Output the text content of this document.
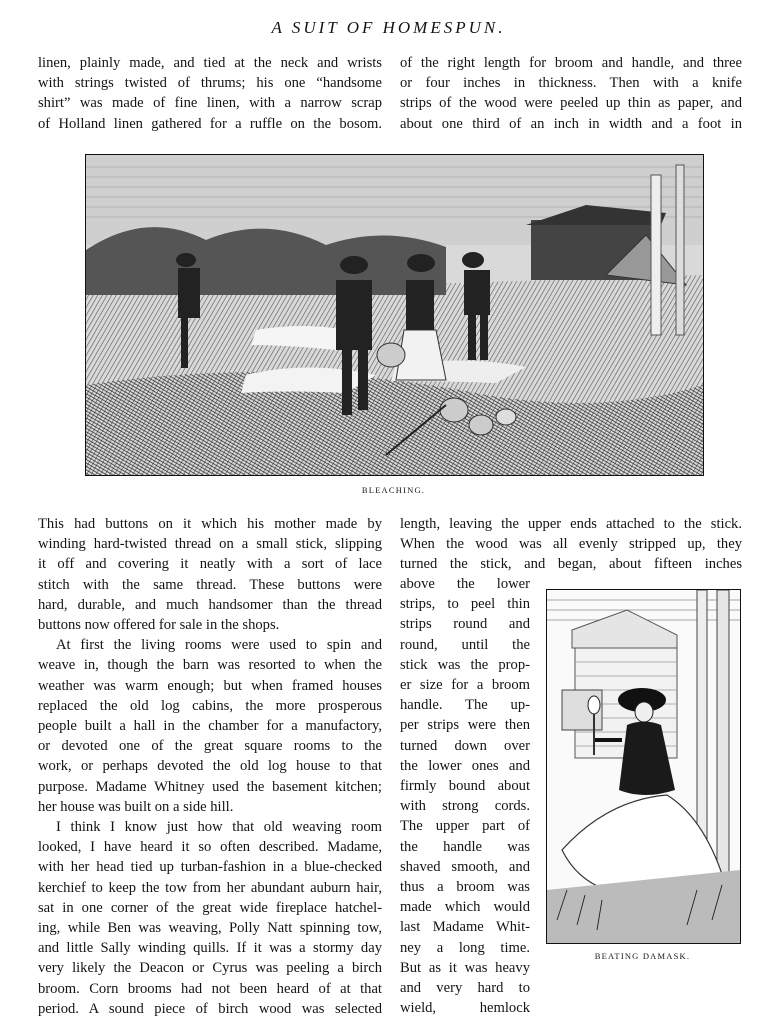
A SUIT OF HOMESPUN.

linen, plainly made, and tied at the neck and wrists

with strings twisted of thrums; his one “handsome

shirt” was made of fine linen, with a narrow scrap

of Holland linen gathered for a ruffle on the bosom.

of the right length for broom and handle, and three

or four inches in thickness. Then with a knife

strips of the wood were peeled up thin as paper, and

about one third of an inch in width and a foot in

BLEACHING.

This had buttons on it which his mother made by

winding hard-twisted thread on a small stick, slipping

it off and covering it neatly with a sort of lace

stitch with the same thread. These buttons were

hard, durable, and much handsomer than the thread

buttons now offered for sale in the shops.

At first the living rooms were used to spin and

weave in, though the barn was resorted to when the

weather was warm enough; but when framed houses

replaced the old log cabins, the more prosperous

people built a hall in the chamber for a manufactory,

or devoted one of the great square rooms to the

work, or perhaps devoted the old log house to that

purpose. Madame Whitney used the basement kitchen;

her house was built on a side hill.

I think I know just how that old weaving room

looked, I have heard it so often described. Madame,

with her head tied up turban-fashion in a blue-checked

kerchief to keep the tow from her abundant auburn hair,

sat in one corner of the great wide fireplace hatchel-

ing, while Ben was weaving, Polly Natt spinning tow,

and little Sally winding quills. If it was a stormy day

very likely the Deacon or Cyrus was peeling a birch

broom. Corn brooms had not been heard of at that

period. A sound piece of birch wood was selected

length, leaving the upper ends attached to the stick.

When the wood was all evenly stripped up, they

turned the stick, and began, about fifteen inches

above the lower

strips, to peel thin

strips round and

round, until the

stick was the prop-

er size for a broom

handle. The up-

per strips were then

turned down over

the lower ones and

firmly bound about

with strong cords.

The upper part of

the handle was

shaved smooth, and

thus a broom was

made which would

last Madame Whit-

ney a long time.

But as it was heavy

and very hard to

wield, hemlock

BEATING DAMASK.
